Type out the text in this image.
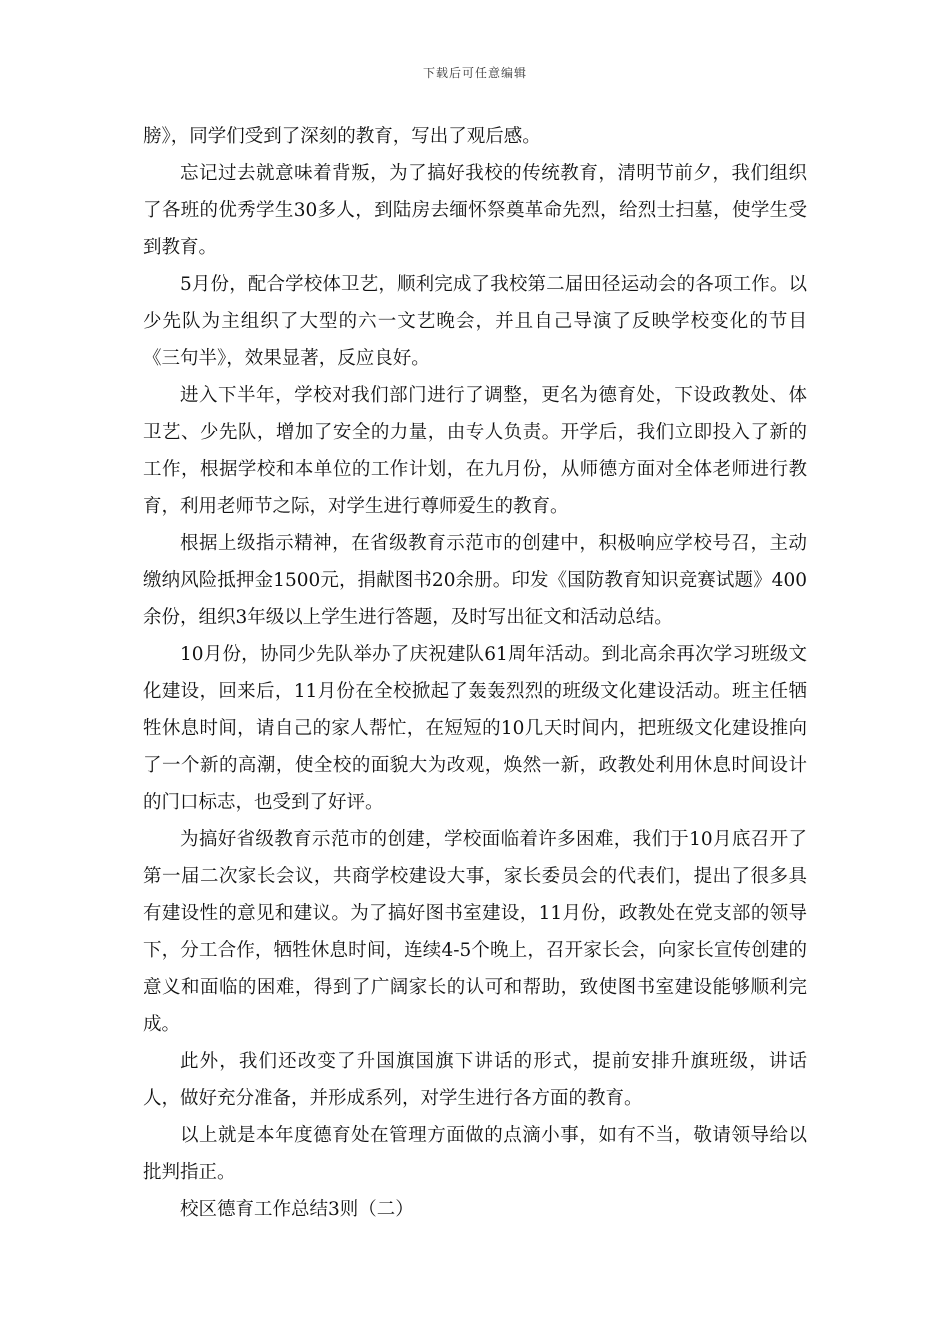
下载后可任意编辑

膀》，同学们受到了深刻的教育，写出了观后感。

忘记过去就意味着背叛，为了搞好我校的传统教育，清明节前夕，我们组织了各班的优秀学生30多人，到陆房去缅怀祭奠革命先烈，给烈士扫墓，使学生受到教育。

5月份，配合学校体卫艺，顺利完成了我校第二届田径运动会的各项工作。以少先队为主组织了大型的六一文艺晚会，并且自己导演了反映学校变化的节目《三句半》，效果显著，反应良好。

进入下半年，学校对我们部门进行了调整，更名为德育处，下设政教处、体卫艺、少先队，增加了安全的力量，由专人负责。开学后，我们立即投入了新的工作，根据学校和本单位的工作计划，在九月份，从师德方面对全体老师进行教育，利用老师节之际，对学生进行尊师爱生的教育。

根据上级指示精神，在省级教育示范市的创建中，积极响应学校号召，主动缴纳风险抵押金1500元，捐献图书20余册。印发《国防教育知识竞赛试题》400余份，组织3年级以上学生进行答题，及时写出征文和活动总结。

10月份，协同少先队举办了庆祝建队61周年活动。到北高余再次学习班级文化建设，回来后，11月份在全校掀起了轰轰烈烈的班级文化建设活动。班主任牺牲休息时间，请自己的家人帮忙，在短短的10几天时间内，把班级文化建设推向了一个新的高潮，使全校的面貌大为改观，焕然一新，政教处利用休息时间设计的门口标志，也受到了好评。

为搞好省级教育示范市的创建，学校面临着许多困难，我们于10月底召开了第一届二次家长会议，共商学校建设大事，家长委员会的代表们，提出了很多具有建设性的意见和建议。为了搞好图书室建设，11月份，政教处在党支部的领导下，分工合作，牺牲休息时间，连续4-5个晚上，召开家长会，向家长宣传创建的意义和面临的困难，得到了广阔家长的认可和帮助，致使图书室建设能够顺利完成。

此外，我们还改变了升国旗国旗下讲话的形式，提前安排升旗班级，讲话人，做好充分准备，并形成系列，对学生进行各方面的教育。

以上就是本年度德育处在管理方面做的点滴小事，如有不当，敬请领导给以批判指正。

校区德育工作总结3则（二）
